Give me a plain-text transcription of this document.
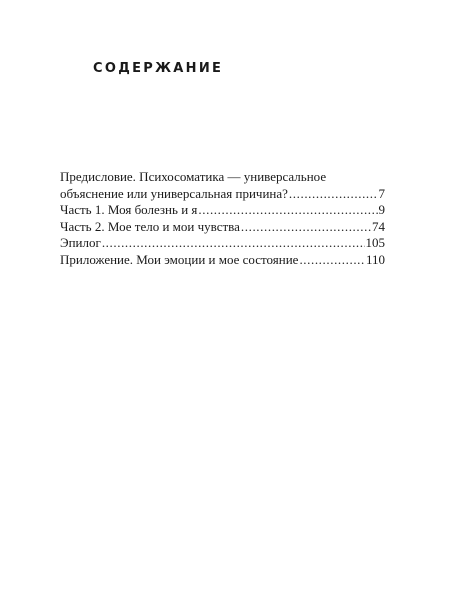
СОДЕРЖАНИЕ
Предисловие. Психосоматика — универсальное
объяснение или универсальная причина? .....	7
Часть 1. Моя болезнь и я .....	9
Часть 2. Мое тело и мои чувства .....	74
Эпилог .....	105
Приложение. Мои эмоции и мое состояние .....	110
